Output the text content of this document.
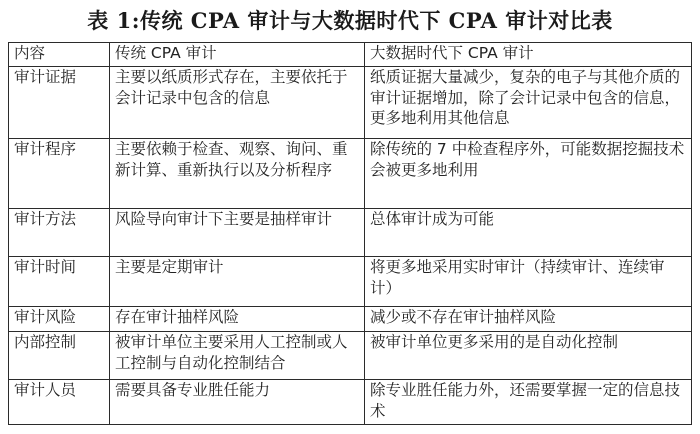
表 1:传统 CPA 审计与大数据时代下 CPA 审计对比表
内容	传统 CPA 审计	大数据时代下 CPA 审计
审计证据	主要以纸质形式存在，主要依托于会计记录中包含的信息	纸质证据大量减少，复杂的电子与其他介质的审计证据增加，除了会计记录中包含的信息，更多地利用其他信息
审计程序	主要依赖于检查、观察、询问、重新计算、重新执行以及分析程序	除传统的 7 中检查程序外，可能数据挖掘技术会被更多地利用
审计方法	风险导向审计下主要是抽样审计	总体审计成为可能
审计时间	主要是定期审计	将更多地采用实时审计（持续审计、连续审计）
审计风险	存在审计抽样风险	减少或不存在审计抽样风险
内部控制	被审计单位主要采用人工控制或人工控制与自动化控制结合	被审计单位更多采用的是自动化控制
审计人员	需要具备专业胜任能力	除专业胜任能力外，还需要掌握一定的信息技术
